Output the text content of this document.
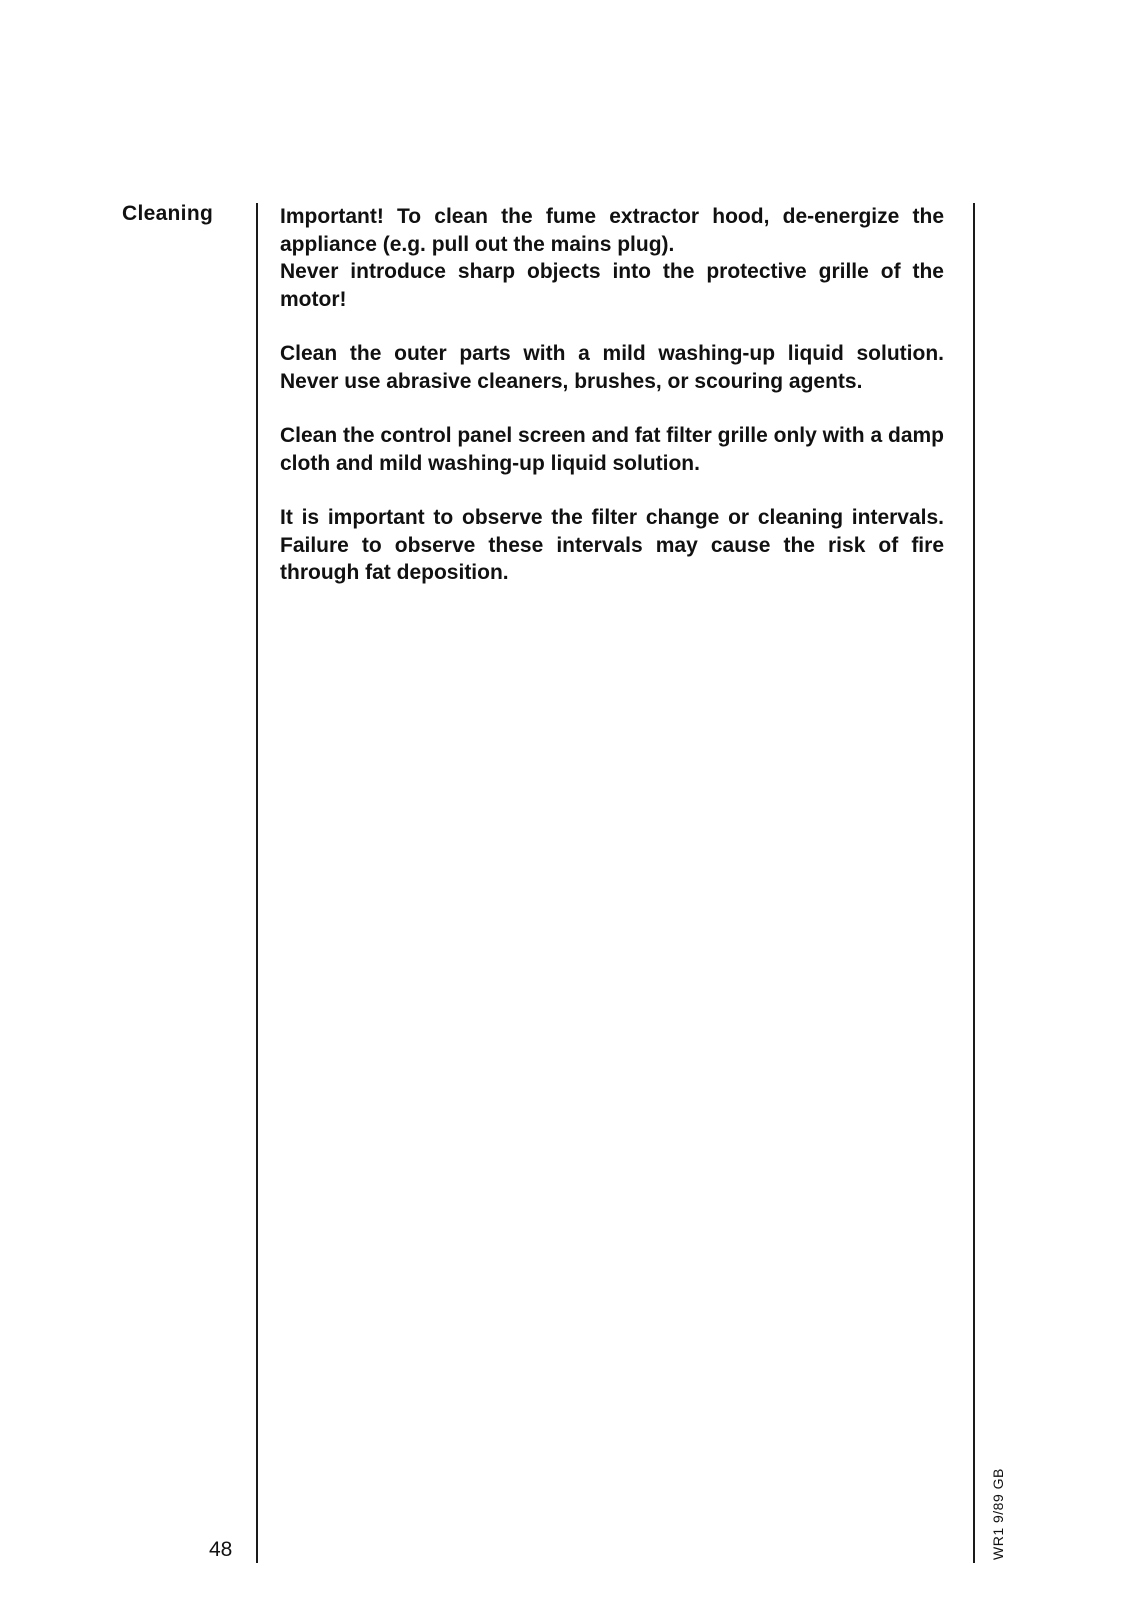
Cleaning	Important! To clean the fume extractor hood, de-energize the appliance (e.g. pull out the mains plug).

Never introduce sharp objects into the protective grille of the motor!

Clean the outer parts with a mild washing-up liquid solution. Never use abrasive cleaners, brushes, or scouring agents.

Clean the control panel screen and fat filter grille only with a damp cloth and mild washing-up liquid solution.

It is important to observe the filter change or cleaning intervals. Failure to observe these intervals may cause the risk of fire through fat deposition.

48	WR1 9/89 GB
